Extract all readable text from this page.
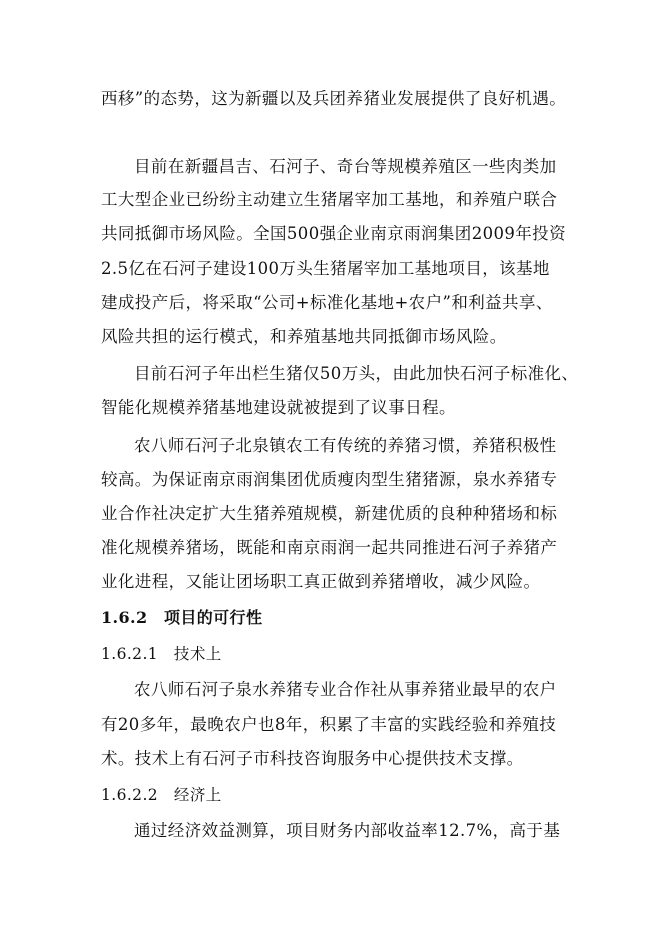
西移”的态势，这为新疆以及兵团养猪业发展提供了良好机遇。
目前在新疆昌吉、石河子、奇台等规模养殖区一些肉类加
工大型企业已纷纷主动建立生猪屠宰加工基地，和养殖户联合
共同抵御市场风险。全国500强企业南京雨润集团2009年投资
2.5亿在石河子建设100万头生猪屠宰加工基地项目，该基地
建成投产后，将采取“公司+标准化基地+农户”和利益共享、
风险共担的运行模式，和养殖基地共同抵御市场风险。
目前石河子年出栏生猪仅50万头，由此加快石河子标准化、
智能化规模养猪基地建设就被提到了议事日程。
农八师石河子北泉镇农工有传统的养猪习惯，养猪积极性
较高。为保证南京雨润集团优质瘦肉型生猪猪源，泉水养猪专
业合作社决定扩大生猪养殖规模，新建优质的良种种猪场和标
准化规模养猪场，既能和南京雨润一起共同推进石河子养猪产
业化进程，又能让团场职工真正做到养猪增收，减少风险。
1.6.2　项目的可行性
1.6.2.1　技术上
农八师石河子泉水养猪专业合作社从事养猪业最早的农户
有20多年，最晚农户也8年，积累了丰富的实践经验和养殖技
术。技术上有石河子市科技咨询服务中心提供技术支撑。
1.6.2.2　经济上
通过经济效益测算，项目财务内部收益率12.7%，高于基
